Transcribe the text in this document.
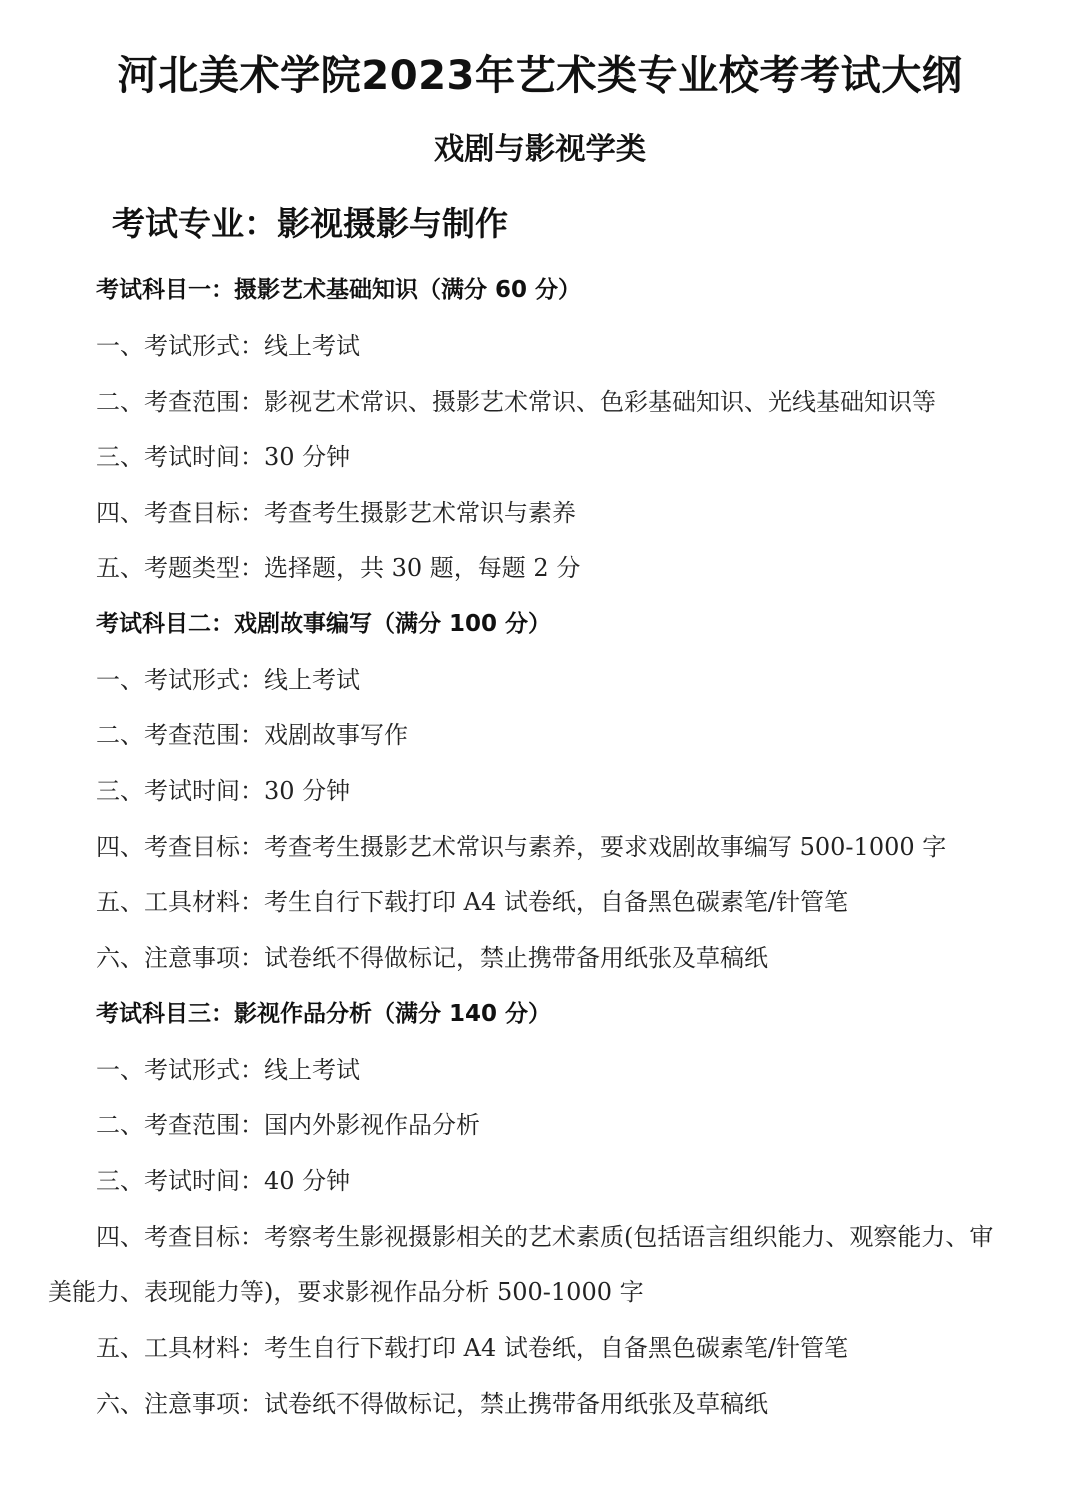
河北美术学院2023年艺术类专业校考考试大纲
戏剧与影视学类
考试专业：影视摄影与制作
考试科目一：摄影艺术基础知识（满分 60 分）
一、考试形式：线上考试
二、考查范围：影视艺术常识、摄影艺术常识、色彩基础知识、光线基础知识等
三、考试时间：30 分钟
四、考查目标：考查考生摄影艺术常识与素养
五、考题类型：选择题，共 30 题，每题 2 分
考试科目二：戏剧故事编写（满分 100 分）
一、考试形式：线上考试
二、考查范围：戏剧故事写作
三、考试时间：30 分钟
四、考查目标：考查考生摄影艺术常识与素养，要求戏剧故事编写 500-1000 字
五、工具材料：考生自行下载打印 A4 试卷纸，自备黑色碳素笔/针管笔
六、注意事项：试卷纸不得做标记，禁止携带备用纸张及草稿纸
考试科目三：影视作品分析（满分 140 分）
一、考试形式：线上考试
二、考查范围：国内外影视作品分析
三、考试时间：40 分钟
四、考查目标：考察考生影视摄影相关的艺术素质(包括语言组织能力、观察能力、审
美能力、表现能力等)，要求影视作品分析 500-1000 字
五、工具材料：考生自行下载打印 A4 试卷纸，自备黑色碳素笔/针管笔
六、注意事项：试卷纸不得做标记，禁止携带备用纸张及草稿纸
